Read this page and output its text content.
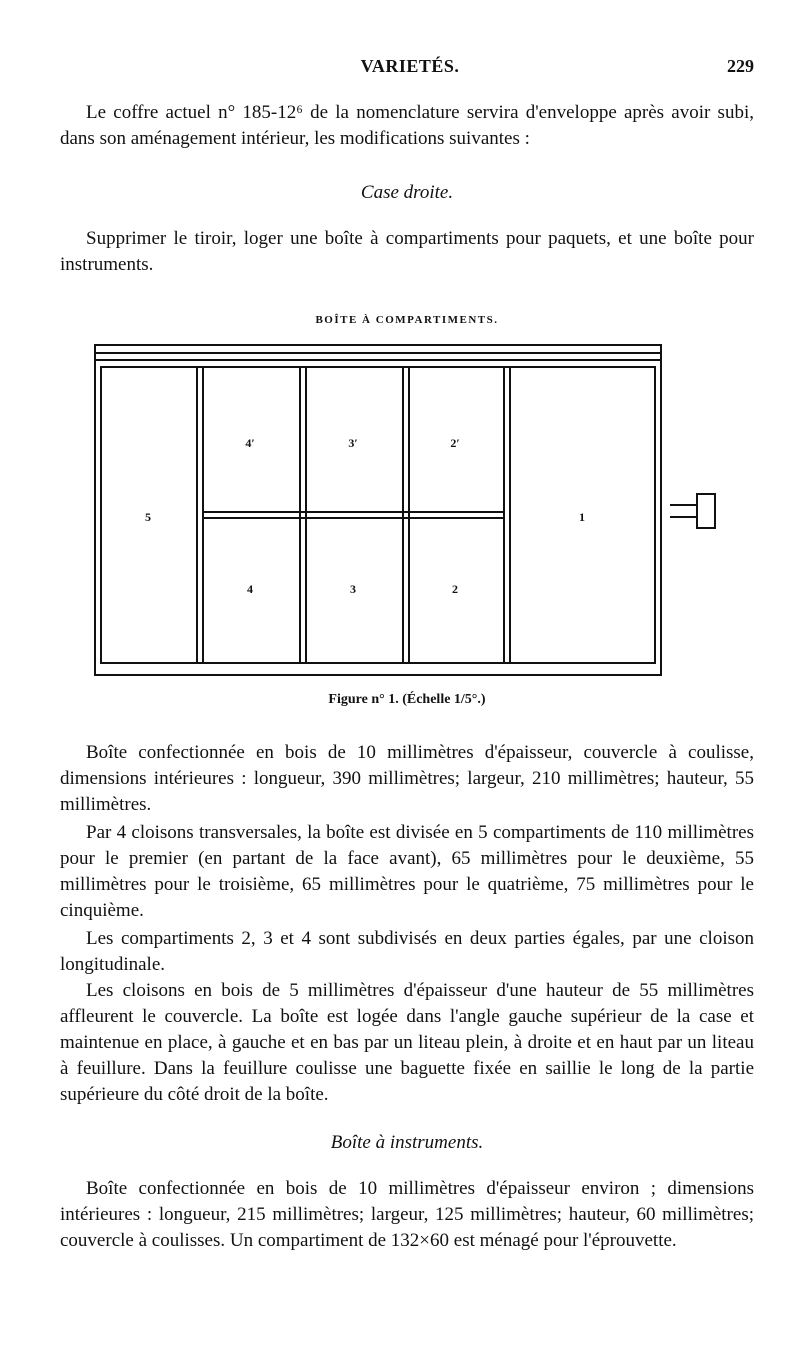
VARIETÉS.	229

Le coffre actuel n° 185-12⁶ de la nomenclature servira d'enveloppe après avoir subi, dans son aménagement intérieur, les modifications suivantes :

Case droite.

Supprimer le tiroir, loger une boîte à compartiments pour paquets, et une boîte pour instruments.

BOÎTE À COMPARTIMENTS.

5
4′	3′	2′
4	3	2
1

Figure n° 1. (Échelle 1/5°.)

Boîte confectionnée en bois de 10 millimètres d'épaisseur, couvercle à coulisse, dimensions intérieures : longueur, 390 millimètres; largeur, 210 millimètres; hauteur, 55 millimètres.

Par 4 cloisons transversales, la boîte est divisée en 5 compartiments de 110 millimètres pour le premier (en partant de la face avant), 65 millimètres pour le deuxième, 55 millimètres pour le troisième, 65 millimètres pour le quatrième, 75 millimètres pour le cinquième.

Les compartiments 2, 3 et 4 sont subdivisés en deux parties égales, par une cloison longitudinale.

Les cloisons en bois de 5 millimètres d'épaisseur d'une hauteur de 55 millimètres affleurent le couvercle. La boîte est logée dans l'angle gauche supérieur de la case et maintenue en place, à gauche et en bas par un liteau plein, à droite et en haut par un liteau à feuillure. Dans la feuillure coulisse une baguette fixée en saillie le long de la partie supérieure du côté droit de la boîte.

Boîte à instruments.

Boîte confectionnée en bois de 10 millimètres d'épaisseur environ ; dimensions intérieures : longueur, 215 millimètres; largeur, 125 millimètres; hauteur, 60 millimètres; couvercle à coulisses. Un compartiment de 132×60 est ménagé pour l'éprouvette.
